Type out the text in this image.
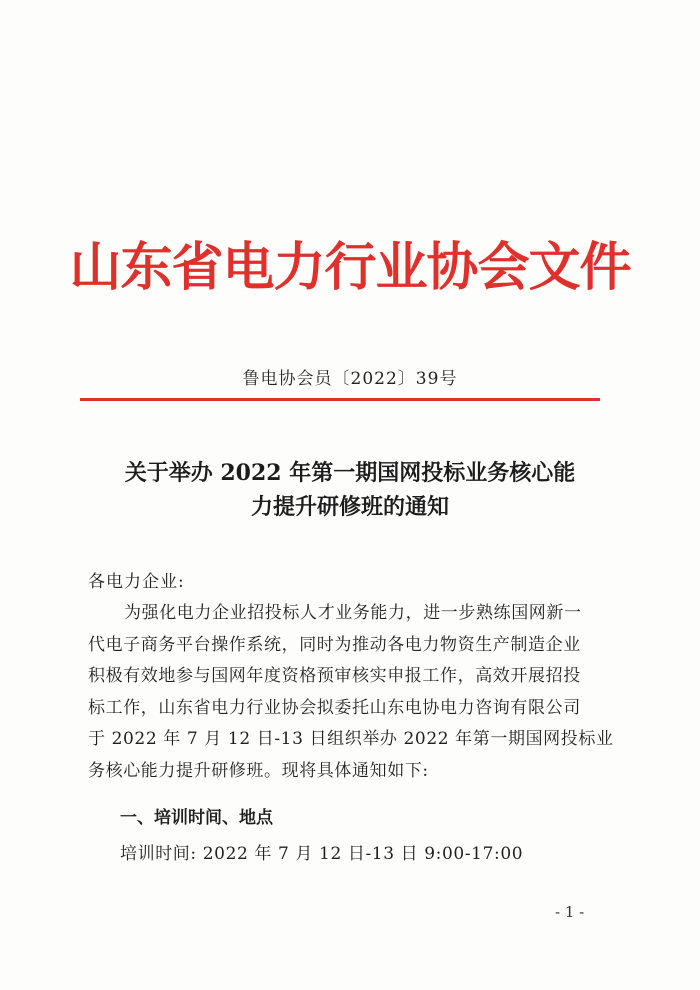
山东省电力行业协会文件
鲁电协会员〔2022〕39号
关于举办 2022 年第一期国网投标业务核心能
力提升研修班的通知
各电力企业:
为强化电力企业招投标人才业务能力，进一步熟练国网新一
代电子商务平台操作系统，同时为推动各电力物资生产制造企业
积极有效地参与国网年度资格预审核实申报工作，高效开展招投
标工作，山东省电力行业协会拟委托山东电协电力咨询有限公司
于 2022 年 7 月 12 日-13 日组织举办 2022 年第一期国网投标业
务核心能力提升研修班。现将具体通知如下:
一、培训时间、地点
培训时间: 2022 年 7 月 12 日-13 日 9:00-17:00
- 1 -
